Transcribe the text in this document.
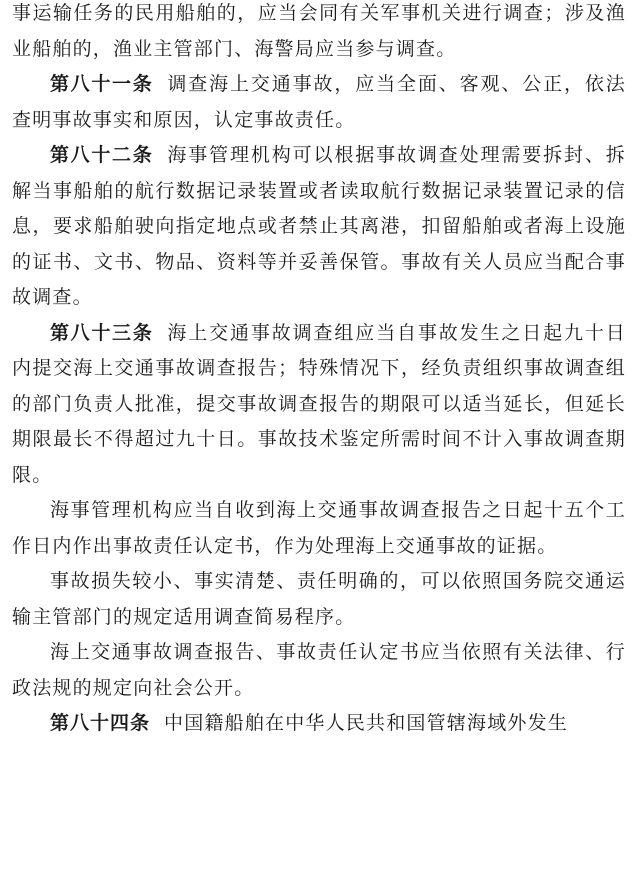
事运输任务的民用船舶的，应当会同有关军事机关进行调查；涉及渔业船舶的，渔业主管部门、海警局应当参与调查。

第八十一条 调查海上交通事故，应当全面、客观、公正，依法查明事故事实和原因，认定事故责任。

第八十二条 海事管理机构可以根据事故调查处理需要拆封、拆解当事船舶的航行数据记录装置或者读取航行数据记录装置记录的信息，要求船舶驶向指定地点或者禁止其离港，扣留船舶或者海上设施的证书、文书、物品、资料等并妥善保管。事故有关人员应当配合事故调查。

第八十三条 海上交通事故调查组应当自事故发生之日起九十日内提交海上交通事故调查报告；特殊情况下，经负责组织事故调查组的部门负责人批准，提交事故调查报告的期限可以适当延长，但延长期限最长不得超过九十日。事故技术鉴定所需时间不计入事故调查期限。

海事管理机构应当自收到海上交通事故调查报告之日起十五个工作日内作出事故责任认定书，作为处理海上交通事故的证据。

事故损失较小、事实清楚、责任明确的，可以依照国务院交通运输主管部门的规定适用调查简易程序。

海上交通事故调查报告、事故责任认定书应当依照有关法律、行政法规的规定向社会公开。

第八十四条 中国籍船舶在中华人民共和国管辖海域外发生
